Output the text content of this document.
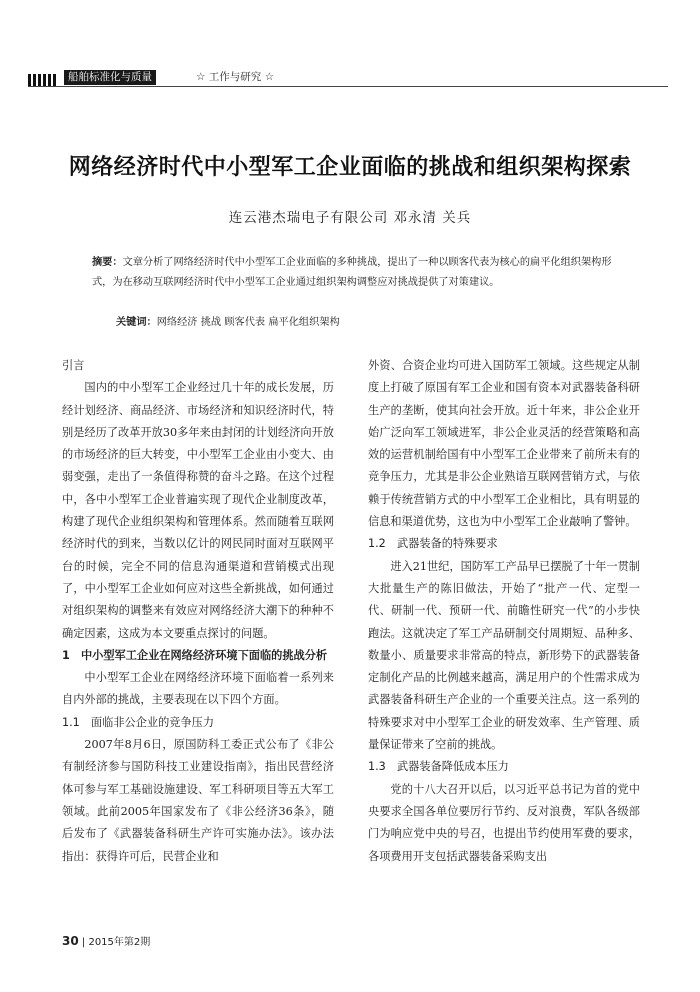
船舶标准化与质量	☆ 工作与研究 ☆
网络经济时代中小型军工企业面临的挑战和组织架构探索
连云港杰瑞电子有限公司 邓永清 关兵
摘要：文章分析了网络经济时代中小型军工企业面临的多种挑战，提出了一种以顾客代表为核心的扁平化组织架构形式，为在移动互联网经济时代中小型军工企业通过组织架构调整应对挑战提供了对策建议。
关键词：网络经济 挑战 顾客代表 扁平化组织架构
引言

国内的中小型军工企业经过几十年的成长发展，历经计划经济、商品经济、市场经济和知识经济时代，特别是经历了改革开放30多年来由封闭的计划经济向开放的市场经济的巨大转变，中小型军工企业由小变大、由弱变强，走出了一条值得称赞的奋斗之路。在这个过程中，各中小型军工企业普遍实现了现代企业制度改革，构建了现代企业组织架构和管理体系。然而随着互联网经济时代的到来，当数以亿计的网民同时面对互联网平台的时候，完全不同的信息沟通渠道和营销模式出现了，中小型军工企业如何应对这些全新挑战，如何通过对组织架构的调整来有效应对网络经济大潮下的种种不确定因素，这成为本文要重点探讨的问题。

1　中小型军工企业在网络经济环境下面临的挑战分析

中小型军工企业在网络经济环境下面临着一系列来自内外部的挑战，主要表现在以下四个方面。

1.1　面临非公企业的竞争压力

2007年8月6日，原国防科工委正式公布了《非公有制经济参与国防科技工业建设指南》，指出民营经济体可参与军工基础设施建设、军工科研项目等五大军工领域。此前2005年国家发布了《非公经济36条》，随后发布了《武器装备科研生产许可实施办法》。该办法指出：获得许可后，民营企业和

外资、合资企业均可进入国防军工领域。这些规定从制度上打破了原国有军工企业和国有资本对武器装备科研生产的垄断，使其向社会开放。近十年来，非公企业开始广泛向军工领域进军，非公企业灵活的经营策略和高效的运营机制给国有中小型军工企业带来了前所未有的竞争压力，尤其是非公企业熟谙互联网营销方式，与依赖于传统营销方式的中小型军工企业相比，具有明显的信息和渠道优势，这也为中小型军工企业敲响了警钟。

1.2　武器装备的特殊要求

进入21世纪，国防军工产品早已摆脱了十年一贯制大批量生产的陈旧做法，开始了“批产一代、定型一代、研制一代、预研一代、前瞻性研究一代”的小步快跑法。这就决定了军工产品研制交付周期短、品种多、数量小、质量要求非常高的特点，新形势下的武器装备定制化产品的比例越来越高，满足用户的个性需求成为武器装备科研生产企业的一个重要关注点。这一系列的特殊要求对中小型军工企业的研发效率、生产管理、质量保证带来了空前的挑战。

1.3　武器装备降低成本压力

党的十八大召开以后，以习近平总书记为首的党中央要求全国各单位要厉行节约、反对浪费，军队各级部门为响应党中央的号召，也提出节约使用军费的要求，各项费用开支包括武器装备采购支出

30 | 2015年第2期
